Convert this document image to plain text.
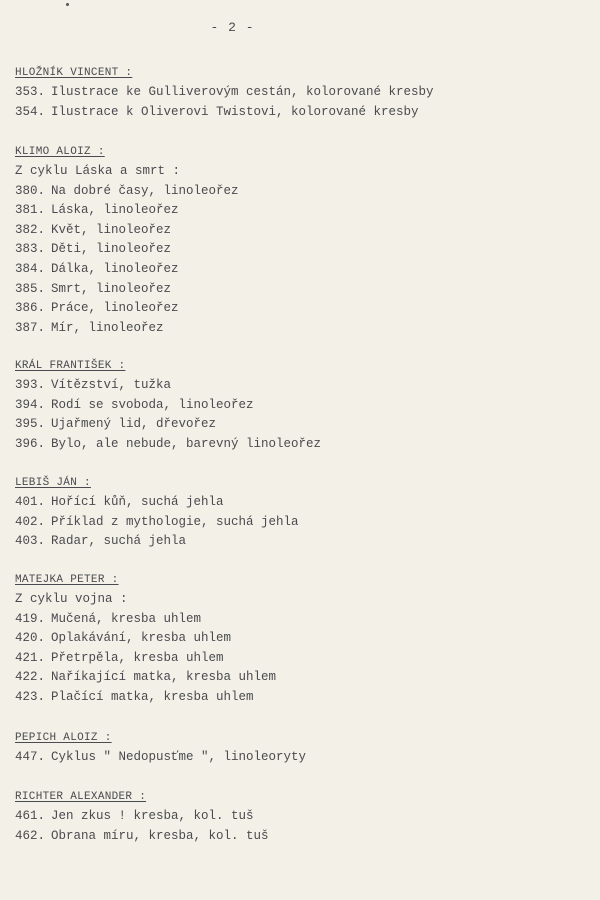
- 2 -
HLOŽNÍK VINCENT :
353. Ilustrace ke Gulliverovým cestán, kolorované kresby
354. Ilustrace k Oliverovi Twistovi, kolorované kresby
KLIMO ALOIZ :
Z cyklu Láska a smrt :
380. Na dobré časy, linoleořez
381. Láska, linoleořez
382. Květ, linoleořez
383. Děti, linoleořez
384. Dálka, linoleořez
385. Smrt, linoleořez
386. Práce, linoleořez
387. Mír, linoleořez
KRÁL FRANTIŠEK :
393. Vítězství, tužka
394. Rodí se svoboda, linoleořez
395. Ujařmený lid, dřevořez
396. Bylo, ale nebude, barevný linoleořez
LEBIŠ JÁN :
401. Hořící kůň, suchá jehla
402. Příklad z mythologie, suchá jehla
403. Radar, suchá jehla
MATEJKA PETER :
Z cyklu vojna :
419. Mučená, kresba uhlem
420. Oplakávání, kresba uhlem
421. Přetrpěla, kresba uhlem
422. Naříkající matka, kresba uhlem
423. Plačící matka, kresba uhlem
PEPICH ALOIZ :
447. Cyklus " Nedopusťme ", linoleoryty
RICHTER ALEXANDER :
461. Jen zkus ! kresba, kol. tuš
462. Obrana míru, kresba, kol. tuš
